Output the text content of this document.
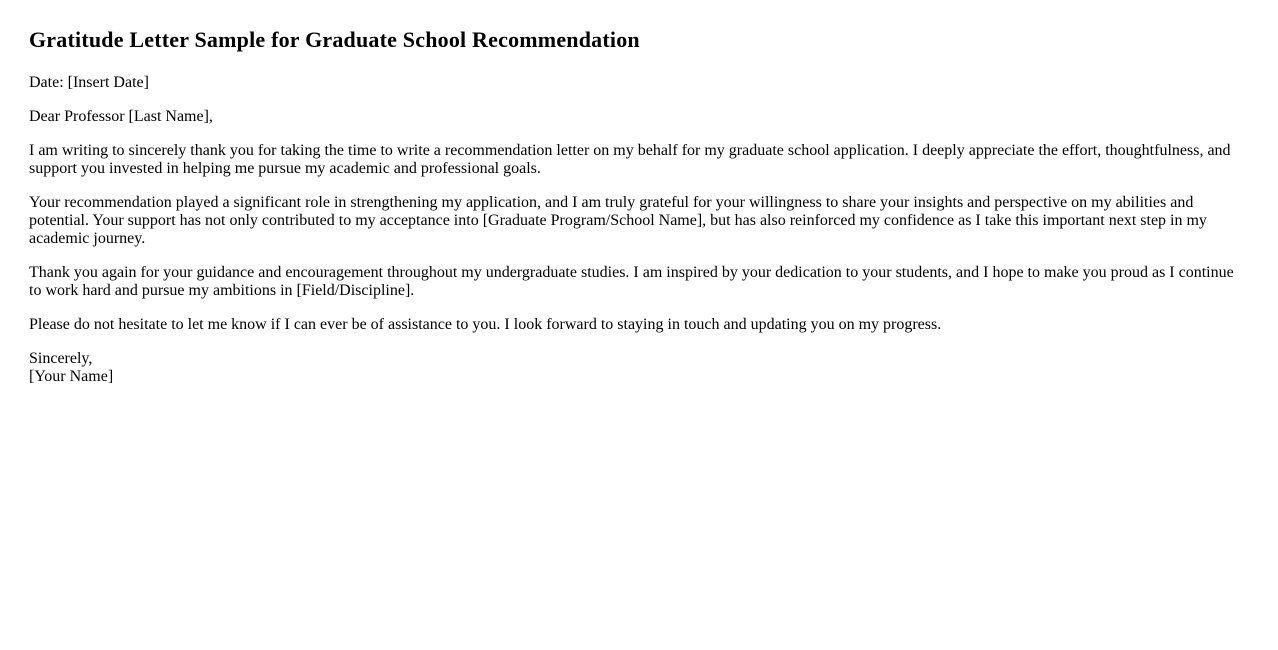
Gratitude Letter Sample for Graduate School Recommendation

Date: [Insert Date]

Dear Professor [Last Name],

I am writing to sincerely thank you for taking the time to write a recommendation letter on my behalf for my graduate school application. I deeply appreciate the effort, thoughtfulness, and support you invested in helping me pursue my academic and professional goals.

Your recommendation played a significant role in strengthening my application, and I am truly grateful for your willingness to share your insights and perspective on my abilities and potential. Your support has not only contributed to my acceptance into [Graduate Program/School Name], but has also reinforced my confidence as I take this important next step in my academic journey.

Thank you again for your guidance and encouragement throughout my undergraduate studies. I am inspired by your dedication to your students, and I hope to make you proud as I continue to work hard and pursue my ambitions in [Field/Discipline].

Please do not hesitate to let me know if I can ever be of assistance to you. I look forward to staying in touch and updating you on my progress.

Sincerely,
[Your Name]
